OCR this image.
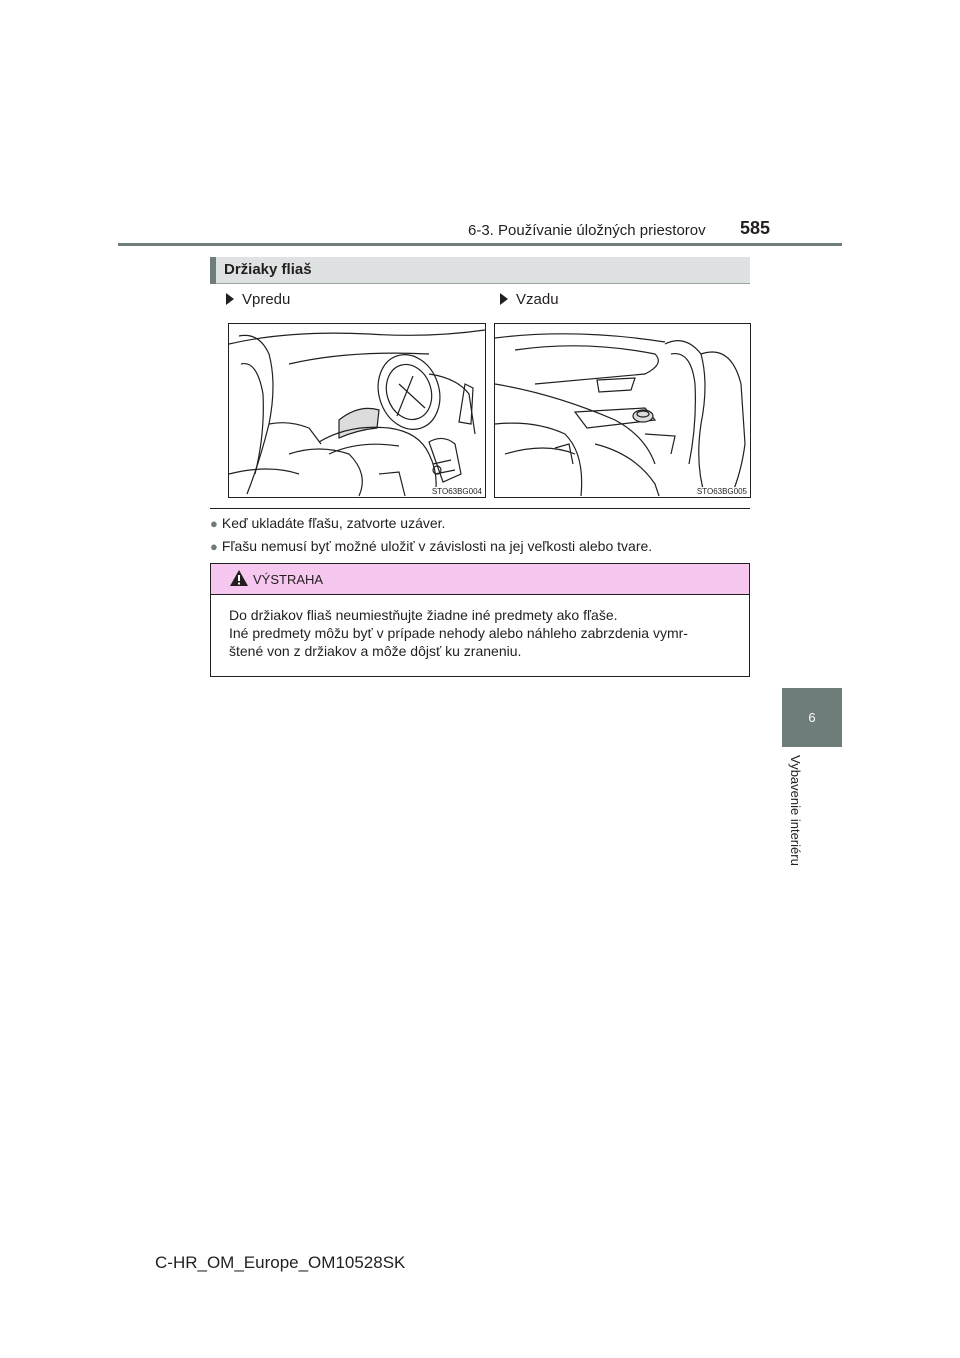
6-3. Používanie úložných priestorov 585
6
Vybavenie interiéru
Držiaky fliaš
Vpredu	Vzadu
STO63BG004	STO63BG005
● Keď ukladáte fľašu, zatvorte uzáver.
● Fľašu nemusí byť možné uložiť v závislosti na jej veľkosti alebo tvare.
VÝSTRAHA
Do držiakov fliaš neumiestňujte žiadne iné predmety ako fľaše.
Iné predmety môžu byť v prípade nehody alebo náhleho zabrzdenia vymr-
štené von z držiakov a môže dôjsť ku zraneniu.
C-HR_OM_Europe_OM10528SK
